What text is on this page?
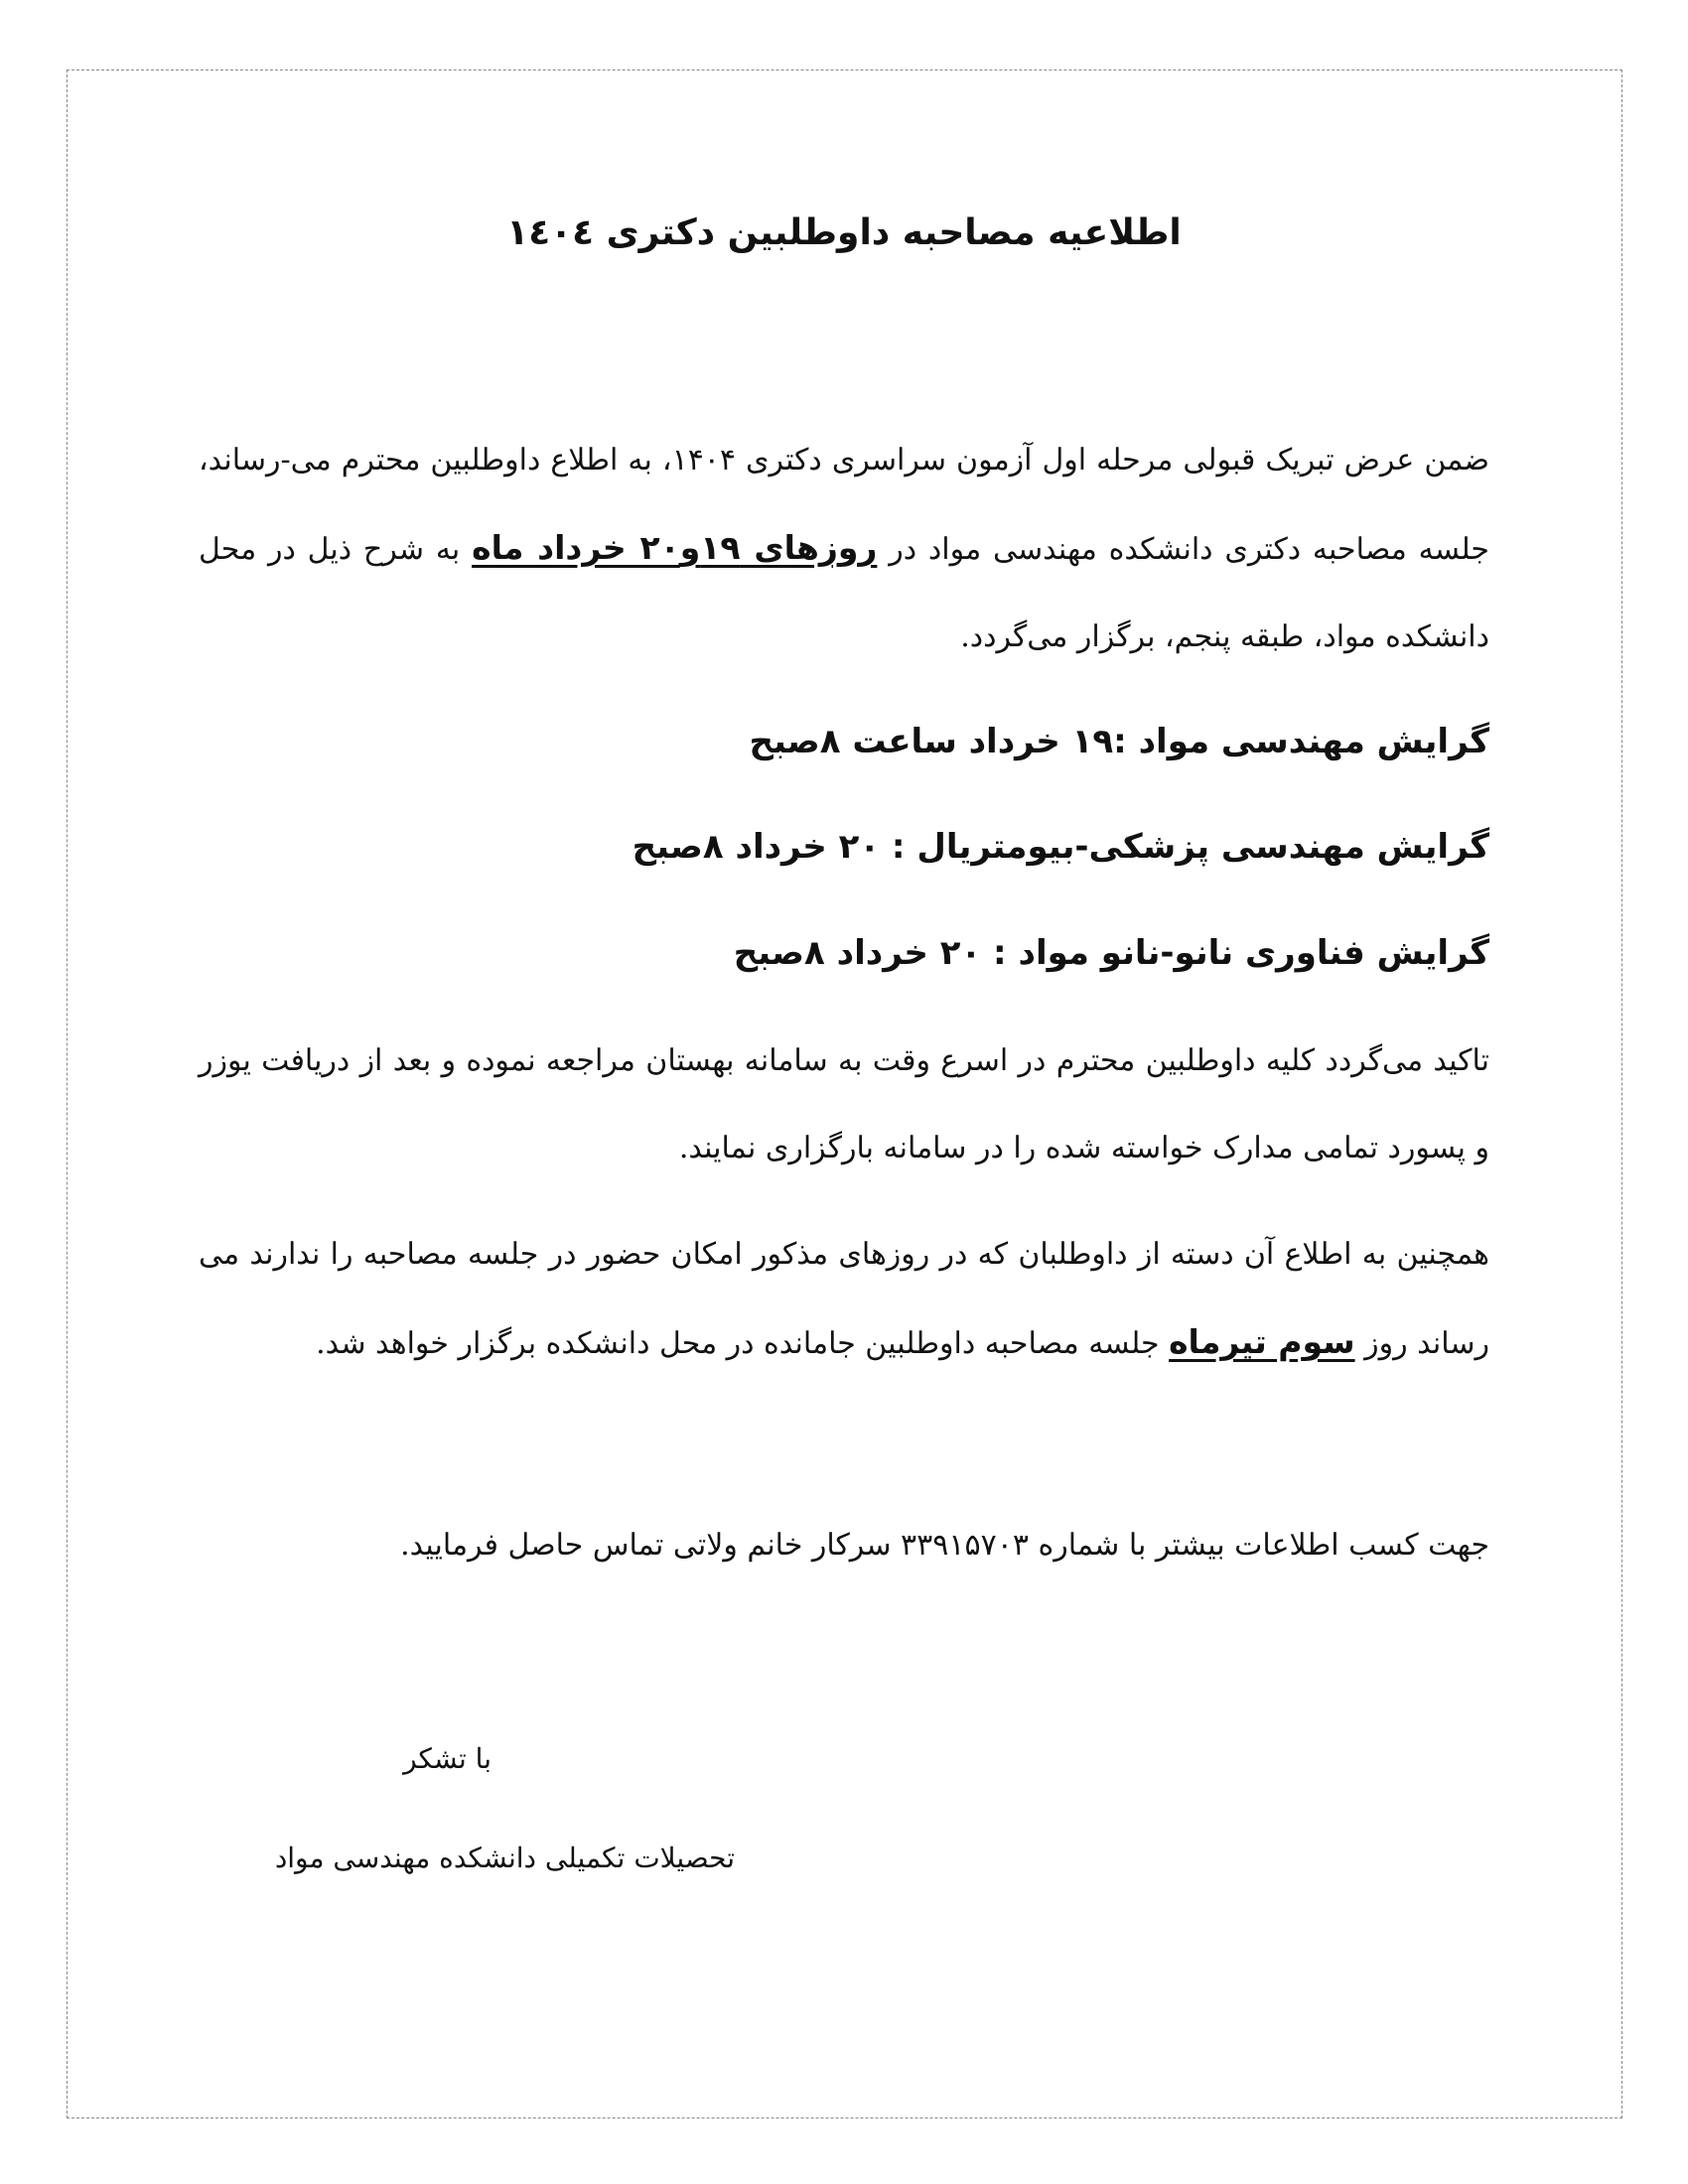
اطلاعیه مصاحبه داوطلبین دکتری ۱٤۰٤
ضمن عرض تبریک قبولی مرحله اول آزمون سراسری دکتری ۱۴۰۴، به اطلاع داوطلبین محترم می-رساند، جلسه مصاحبه دکتری دانشکده مهندسی مواد در روزهای ۱۹و۲۰ خرداد ماه به شرح ذیل در محل دانشکده مواد، طبقه پنجم، برگزار می‌گردد.
گرایش مهندسی مواد :۱۹ خرداد ساعت ۸صبح
گرایش مهندسی پزشکی-بیومتریال : ۲۰ خرداد ۸صبح
گرایش فناوری نانو-نانو مواد : ۲۰ خرداد ۸صبح
تاکید می‌گردد کلیه داوطلبین محترم در اسرع وقت به سامانه بهستان مراجعه نموده و بعد از دریافت یوزر و پسورد تمامی مدارک خواسته شده را در سامانه بارگزاری نمایند.
همچنین به اطلاع آن دسته از داوطلبان که در روزهای مذکور امکان حضور در جلسه مصاحبه را ندارند می رساند روز سوم تیرماه جلسه مصاحبه داوطلبین جامانده در محل دانشکده برگزار خواهد شد.
جهت کسب اطلاعات بیشتر با شماره ۳۳۹۱۵۷۰۳ سرکار خانم ولاتی تماس حاصل فرمایید.
با تشکر
تحصیلات تکمیلی دانشکده مهندسی مواد
